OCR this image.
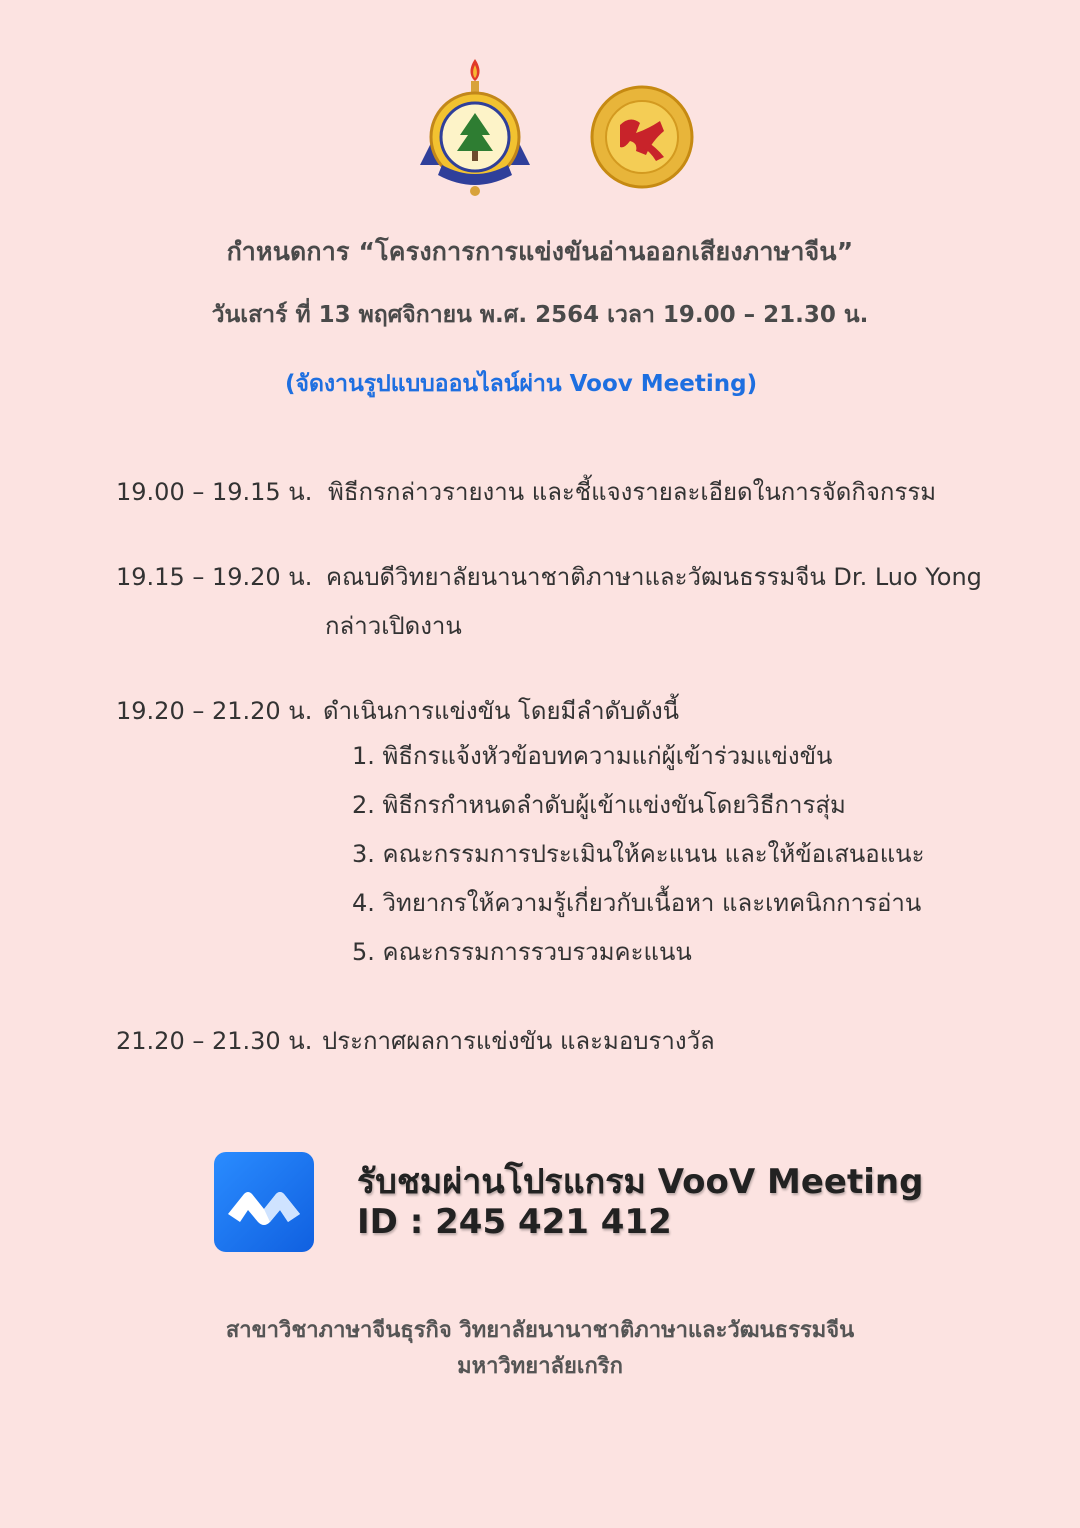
กำหนดการ “โครงการการแข่งขันอ่านออกเสียงภาษาจีน”
วันเสาร์ ที่ 13 พฤศจิกายน พ.ศ. 2564 เวลา 19.00 – 21.30 น.
(จัดงานรูปแบบออนไลน์ผ่าน Voov Meeting)
19.00 – 19.15 น. พิธีกรกล่าวรายงาน และชี้แจงรายละเอียดในการจัดกิจกรรม
19.15 – 19.20 น. คณบดีวิทยาลัยนานาชาติภาษาและวัฒนธรรมจีน Dr. Luo Yong
กล่าวเปิดงาน
19.20 – 21.20 น. ดำเนินการแข่งขัน โดยมีลำดับดังนี้
1. พิธีกรแจ้งหัวข้อบทความแก่ผู้เข้าร่วมแข่งขัน
2. พิธีกรกำหนดลำดับผู้เข้าแข่งขันโดยวิธีการสุ่ม
3. คณะกรรมการประเมินให้คะแนน และให้ข้อเสนอแนะ
4. วิทยากรให้ความรู้เกี่ยวกับเนื้อหา และเทคนิกการอ่าน
5. คณะกรรมการรวบรวมคะแนน
21.20 – 21.30 น. ประกาศผลการแข่งขัน และมอบรางวัล
รับชมผ่านโปรแกรม VooV Meeting
ID : 245 421 412
สาขาวิชาภาษาจีนธุรกิจ วิทยาลัยนานาชาติภาษาและวัฒนธรรมจีน
มหาวิทยาลัยเกริก
